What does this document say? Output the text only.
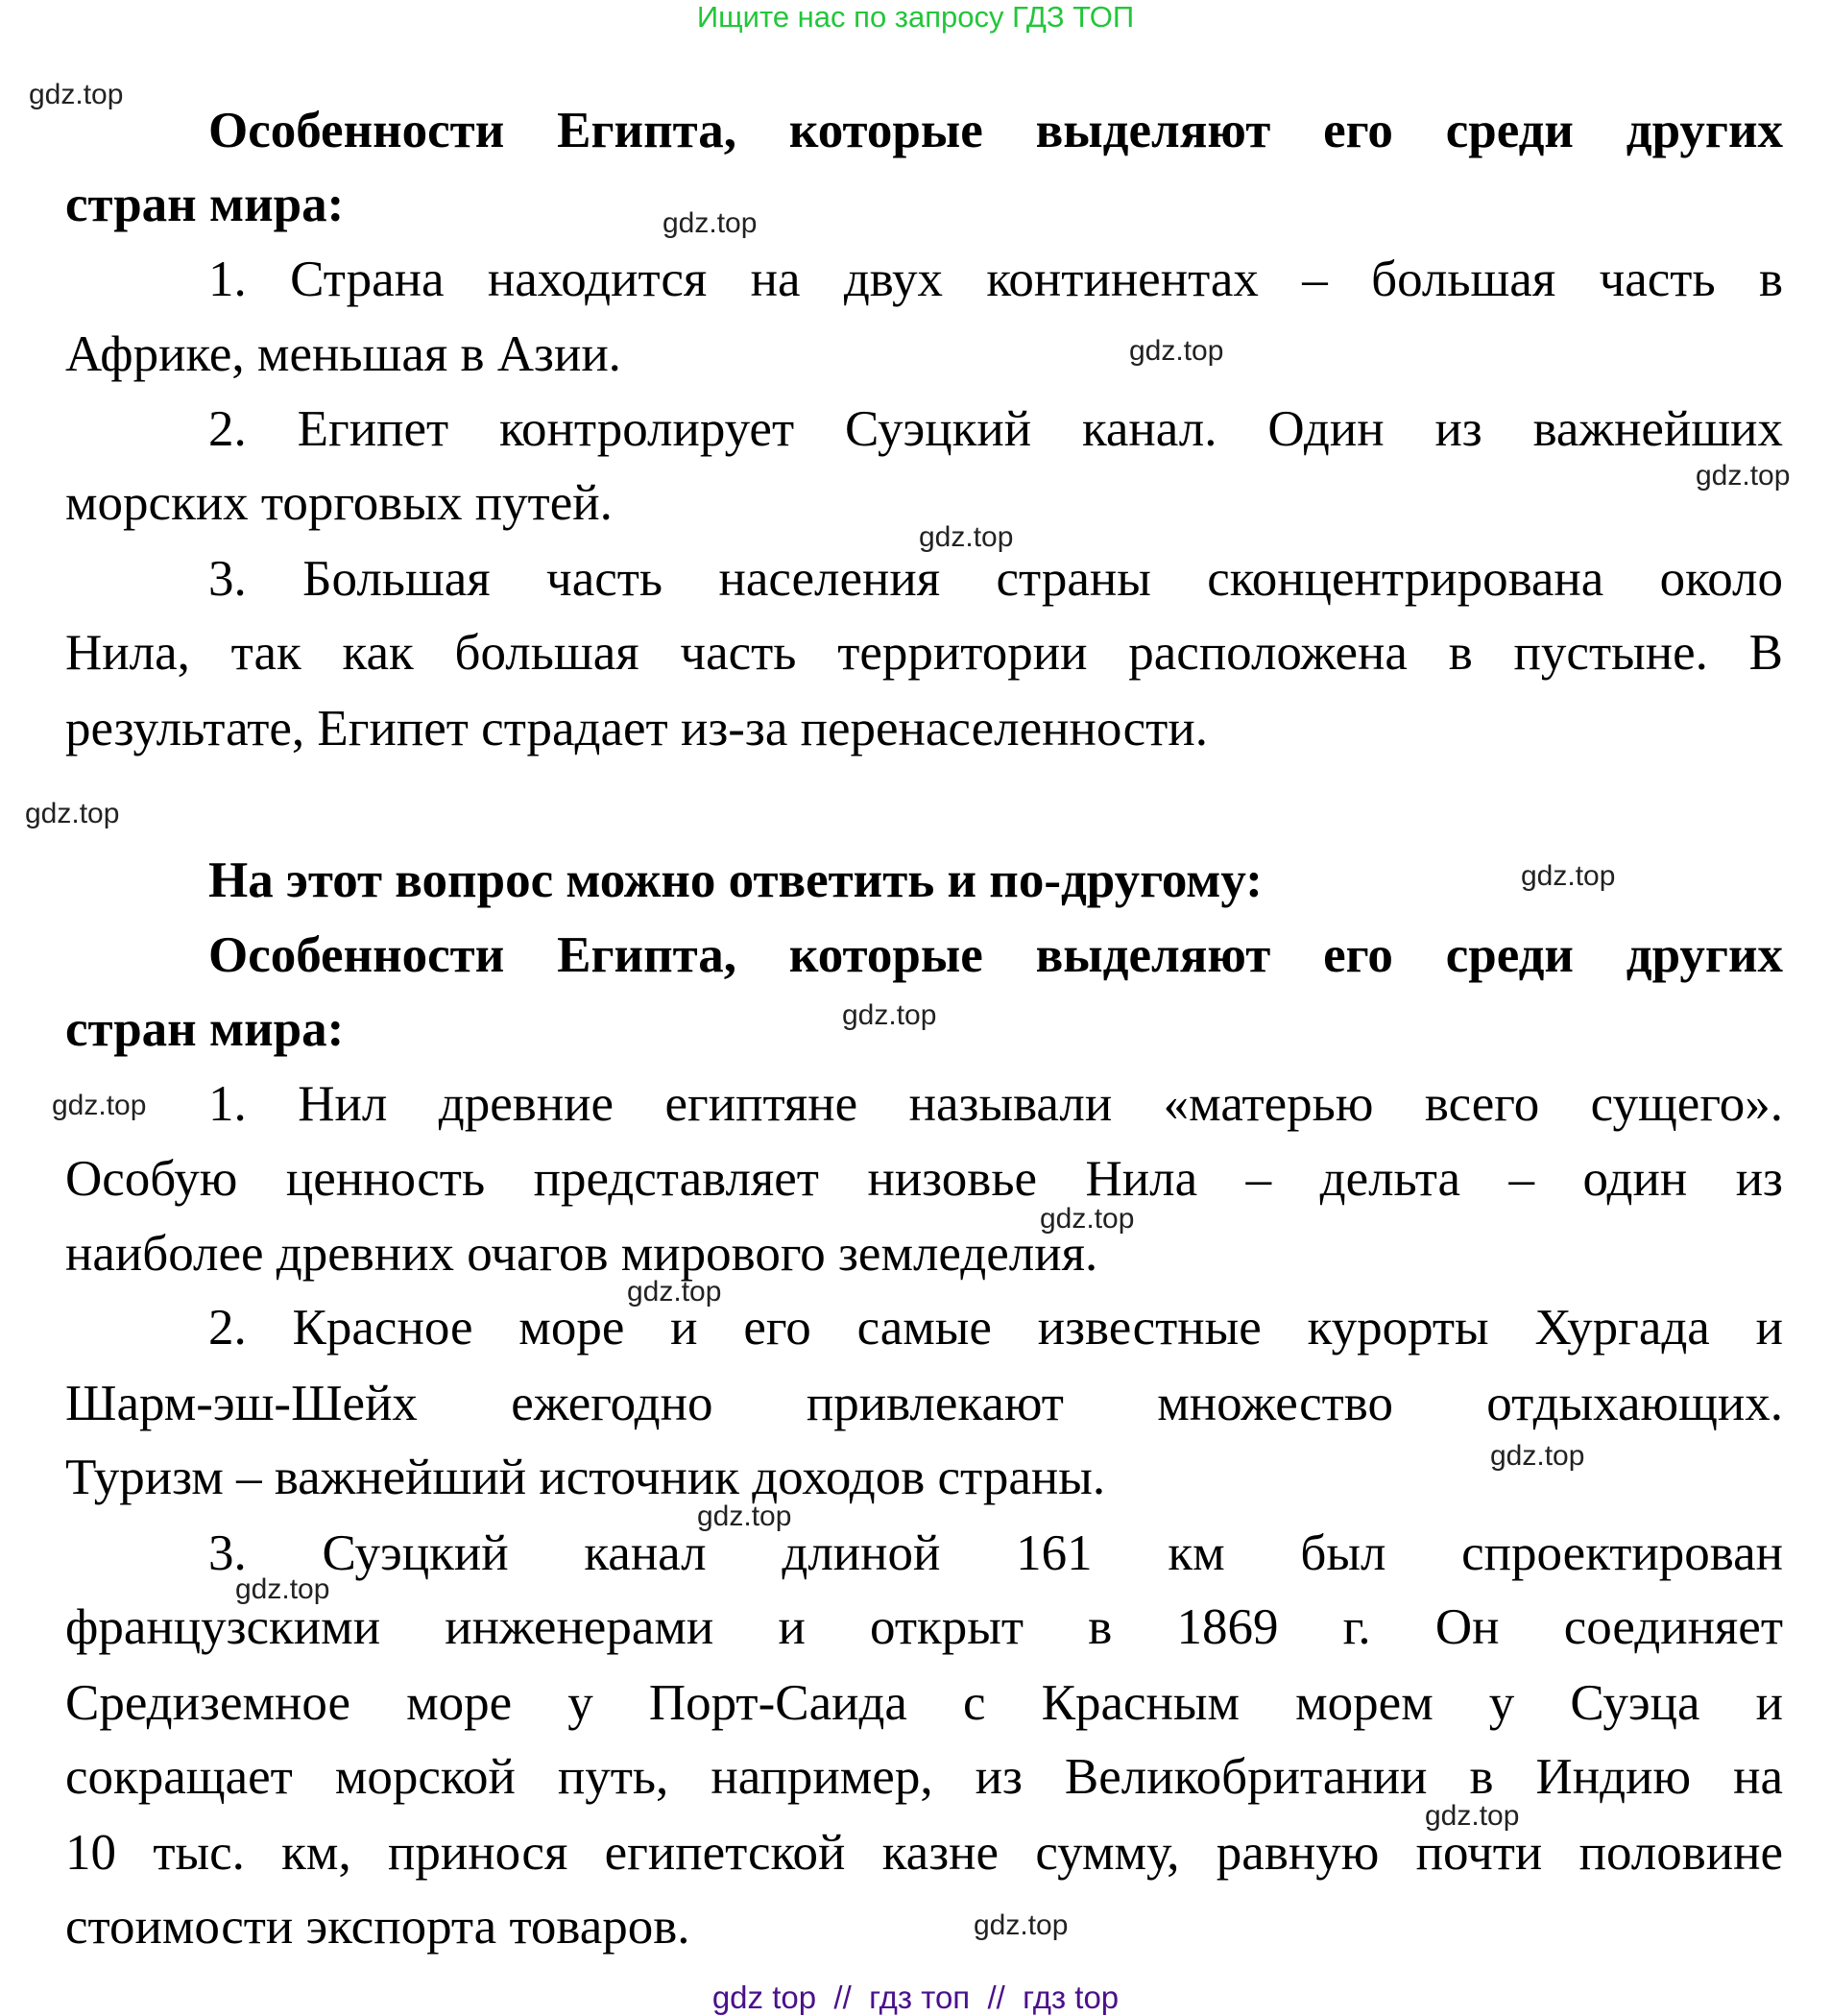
Ищите нас по запросу ГДЗ ТОП
Особенности Египта, которые выделяют его среди других
стран мира:
1. Страна находится на двух континентах – большая часть в
Африке, меньшая в Азии.
2. Египет контролирует Суэцкий канал. Один из важнейших
морских торговых путей.
3. Большая часть населения страны сконцентрирована около
Нила, так как большая часть территории расположена в пустыне. В
результате, Египет страдает из-за перенаселенности.
На этот вопрос можно ответить и по-другому:
Особенности Египта, которые выделяют его среди других
стран мира:
1. Нил древние египтяне называли «матерью всего сущего».
Особую ценность представляет низовье Нила – дельта – один из
наиболее древних очагов мирового земледелия.
2. Красное море и его самые известные курорты Хургада и
Шарм-эш-Шейх ежегодно привлекают множество отдыхающих.
Туризм – важнейший источник доходов страны.
3. Суэцкий канал длиной 161 км был спроектирован
французскими инженерами и открыт в 1869 г. Он соединяет
Средиземное море у Порт-Саида с Красным морем у Суэца и
сокращает морской путь, например, из Великобритании в Индию на
10 тыс. км, принося египетской казне сумму, равную почти половине
стоимости экспорта товаров.
gdz.top
gdz.top
gdz.top
gdz.top
gdz.top
gdz.top
gdz.top
gdz.top
gdz.top
gdz.top
gdz.top
gdz.top
gdz.top
gdz.top
gdz.top
gdz.top
gdz top  //  гдз топ  //  гдз top
